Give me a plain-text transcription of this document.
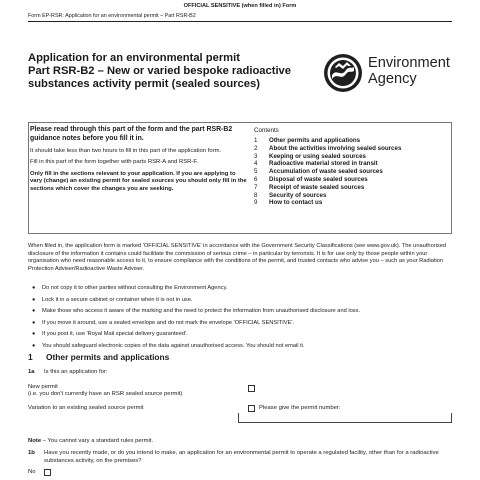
OFFICIAL SENSITIVE (when filled in) Form
Form EP-RSR: Application for an environmental permit – Part RSR-B2
Application for an environmental permit
Part RSR-B2 – New or varied bespoke radioactive substances activity permit (sealed sources)
Environment
Agency
Please read through this part of the form and the part RSR-B2 guidance notes before you fill it in.

It should take less than two hours to fill in this part of the application form.

Fill in this part of the form together with parts RSR-A and RSR-F.

Only fill in the sections relevant to your application. If you are applying to vary (change) an existing permit for sealed sources you should only fill in the sections which cover the changes you are seeking.

Contents
1	Other permits and applications
2	About the activities involving sealed sources
3	Keeping or using sealed sources
4	Radioactive material stored in transit
5	Accumulation of waste sealed sources
6	Disposal of waste sealed sources
7	Receipt of waste sealed sources
8	Security of sources
9	How to contact us
When filled in, the application form is marked 'OFFICIAL SENSITIVE' in accordance with the Government Security Classifications (see www.gov.uk). The unauthorised disclosure of the information it contains could facilitate the commission of serious crime – in particular by terrorists. It is for use only by those people within your organisation who need reasonable access to it, to ensure compliance with the conditions of the permit, and trusted contacts who advise you – such as your Radiation Protection Adviser/Radioactive Waste Adviser.
●	Do not copy it to other parties without consulting the Environment Agency.
●	Lock it in a secure cabinet or container when it is not in use.
●	Make those who access it aware of the marking and the need to protect the information from unauthorised disclosure and loss.
●	If you move it around, use a sealed envelope and do not mark the envelope 'OFFICIAL SENSITIVE'.
●	If you post it, use 'Royal Mail special delivery guaranteed'.
●	You should safeguard electronic copies of the data against unauthorised access. You should not email it.
1	Other permits and applications
1a	Is this an application for:
New permit
(i.e. you don't currently have an RSR sealed source permit)
Variation to an existing sealed source permit	Please give the permit number:
Note – You cannot vary a standard rules permit.
1b	Have you recently made, or do you intend to make, an application for an environmental permit to operate a regulated facility, other than for a radioactive substances activity, on the premises?
No
